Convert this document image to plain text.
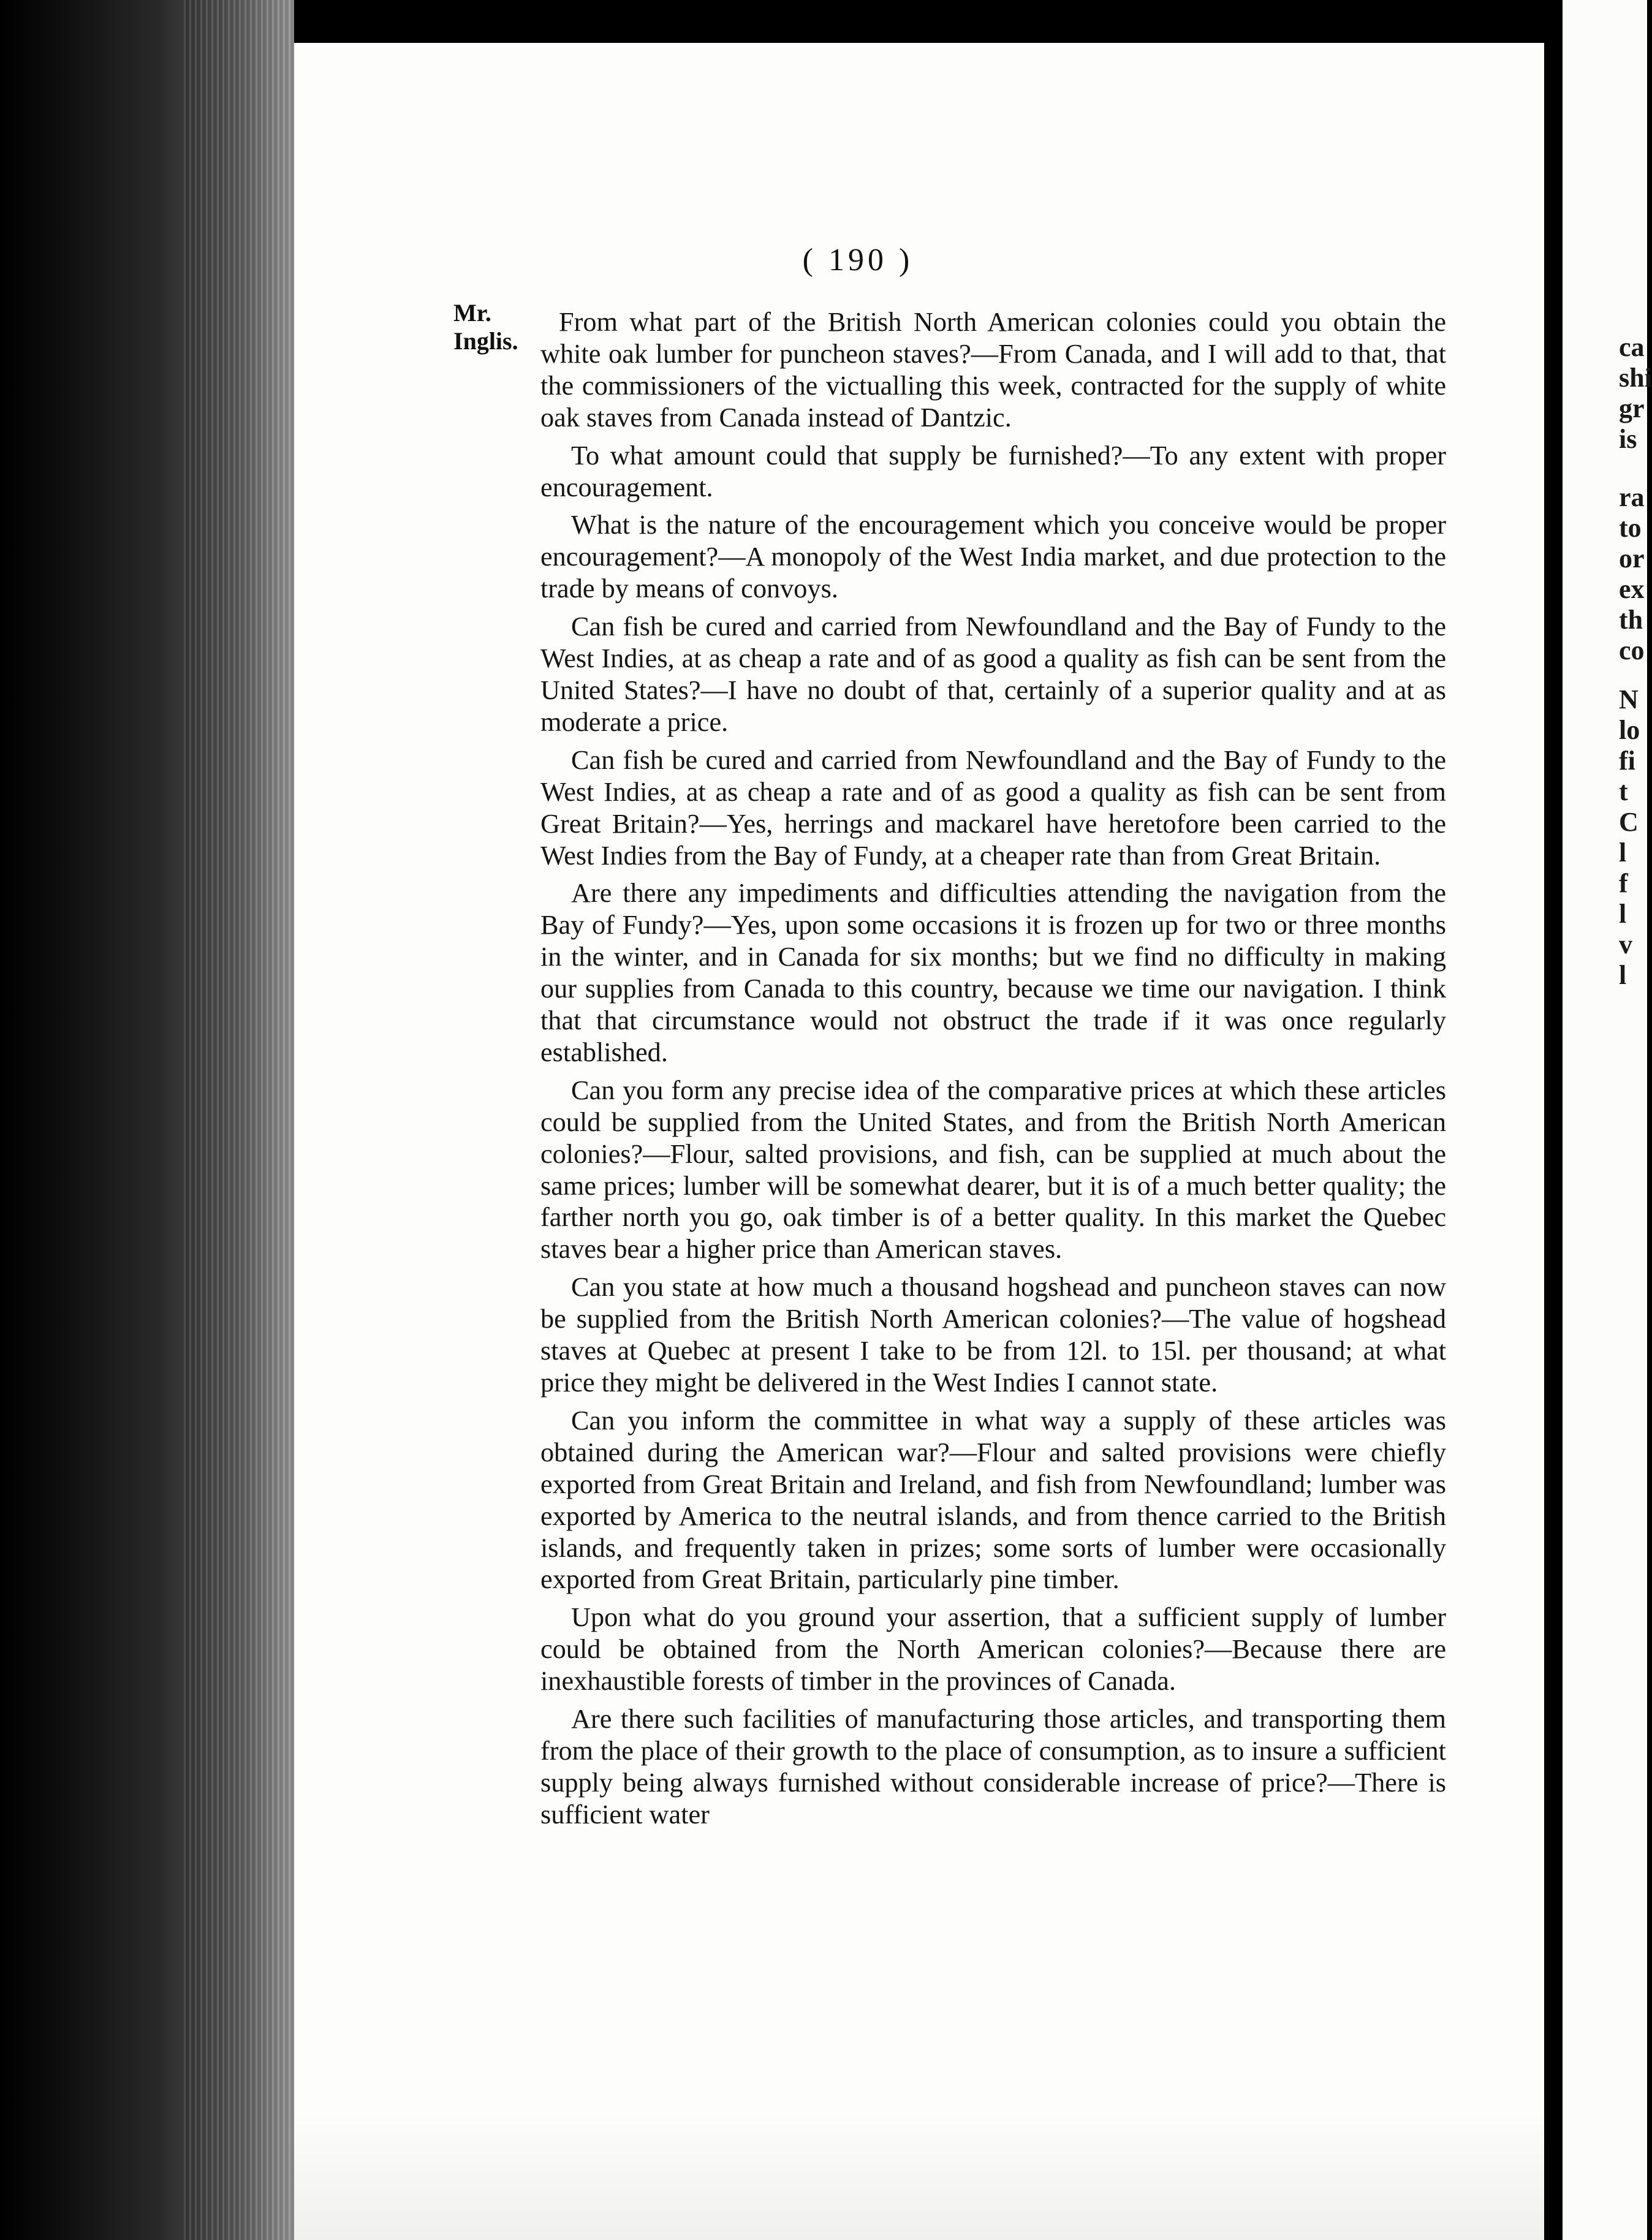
( 190 )
Mr. Inglis.

From what part of the British North American colonies could you obtain the white oak lumber for puncheon staves?—From Canada, and I will add to that, that the commissioners of the victualling this week, contracted for the supply of white oak staves from Canada instead of Dantzic.

To what amount could that supply be furnished?—To any extent with proper encouragement.

What is the nature of the encouragement which you conceive would be proper encouragement?—A monopoly of the West India market, and due protection to the trade by means of convoys.

Can fish be cured and carried from Newfoundland and the Bay of Fundy to the West Indies, at as cheap a rate and of as good a quality as fish can be sent from the United States?—I have no doubt of that, certainly of a superior quality and at as moderate a price.

Can fish be cured and carried from Newfoundland and the Bay of Fundy to the West Indies, at as cheap a rate and of as good a quality as fish can be sent from Great Britain?—Yes, herrings and mackarel have heretofore been carried to the West Indies from the Bay of Fundy, at a cheaper rate than from Great Britain.

Are there any impediments and difficulties attending the navigation from the Bay of Fundy?—Yes, upon some occasions it is frozen up for two or three months in the winter, and in Canada for six months; but we find no difficulty in making our supplies from Canada to this country, because we time our navigation. I think that that circumstance would not obstruct the trade if it was once regularly established.

Can you form any precise idea of the comparative prices at which these articles could be supplied from the United States, and from the British North American colonies?—Flour, salted provisions, and fish, can be supplied at much about the same prices; lumber will be somewhat dearer, but it is of a much better quality; the farther north you go, oak timber is of a better quality. In this market the Quebec staves bear a higher price than American staves.

Can you state at how much a thousand hogshead and puncheon staves can now be supplied from the British North American colonies?—The value of hogshead staves at Quebec at present I take to be from 12l. to 15l. per thousand; at what price they might be delivered in the West Indies I cannot state.

Can you inform the committee in what way a supply of these articles was obtained during the American war?—Flour and salted provisions were chiefly exported from Great Britain and Ireland, and fish from Newfoundland; lumber was exported by America to the neutral islands, and from thence carried to the British islands, and frequently taken in prizes; some sorts of lumber were occasionally exported from Great Britain, particularly pine timber.

Upon what do you ground your assertion, that a sufficient supply of lumber could be obtained from the North American colonies?—Because there are inexhaustible forests of timber in the provinces of Canada.

Are there such facilities of manufacturing those articles, and transporting them from the place of their growth to the place of consumption, as to insure a sufficient supply being always furnished without considerable increase of price?—There is sufficient water

ca
shi
gr
is
ra
to
or
ex
th
co
N
lo
fi
t
C
l
f
l
v
l
